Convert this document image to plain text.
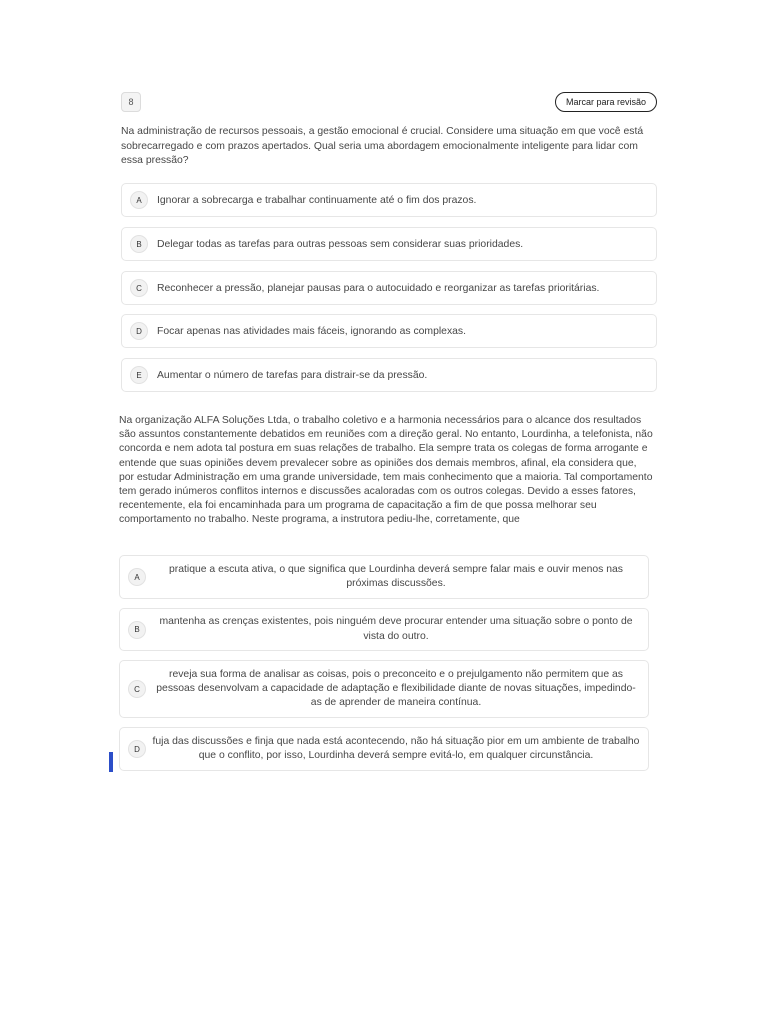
8	Marcar para revisão

Na administração de recursos pessoais, a gestão emocional é crucial. Considere uma situação em que você está sobrecarregado e com prazos apertados. Qual seria uma abordagem emocionalmente inteligente para lidar com essa pressão?

A	Ignorar a sobrecarga e trabalhar continuamente até o fim dos prazos.
B	Delegar todas as tarefas para outras pessoas sem considerar suas prioridades.
C	Reconhecer a pressão, planejar pausas para o autocuidado e reorganizar as tarefas prioritárias.
D	Focar apenas nas atividades mais fáceis, ignorando as complexas.
E	Aumentar o número de tarefas para distrair-se da pressão.

Na organização ALFA Soluções Ltda, o trabalho coletivo e a harmonia necessários para o alcance dos resultados são assuntos constantemente debatidos em reuniões com a direção geral. No entanto, Lourdinha, a telefonista, não concorda e nem adota tal postura em suas relações de trabalho. Ela sempre trata os colegas de forma arrogante e entende que suas opiniões devem prevalecer sobre as opiniões dos demais membros, afinal, ela considera que, por estudar Administração em uma grande universidade, tem mais conhecimento que a maioria. Tal comportamento tem gerado inúmeros conflitos internos e discussões acaloradas com os outros colegas. Devido a esses fatores, recentemente, ela foi encaminhada para um programa de capacitação a fim de que possa melhorar seu comportamento no trabalho. Neste programa, a instrutora pediu-lhe, corretamente, que

A
pratique a escuta ativa, o que significa que Lourdinha deverá sempre falar mais e ouvir menos nas próximas discussões.
B
mantenha as crenças existentes, pois ninguém deve procurar entender uma situação sobre o ponto de vista do outro.
C
reveja sua forma de analisar as coisas, pois o preconceito e o prejulgamento não permitem que as pessoas desenvolvam a capacidade de adaptação e flexibilidade diante de novas situações, impedindo-as de aprender de maneira contínua.
D
fuja das discussões e finja que nada está acontecendo, não há situação pior em um ambiente de trabalho que o conflito, por isso, Lourdinha deverá sempre evitá-lo, em qualquer circunstância.
